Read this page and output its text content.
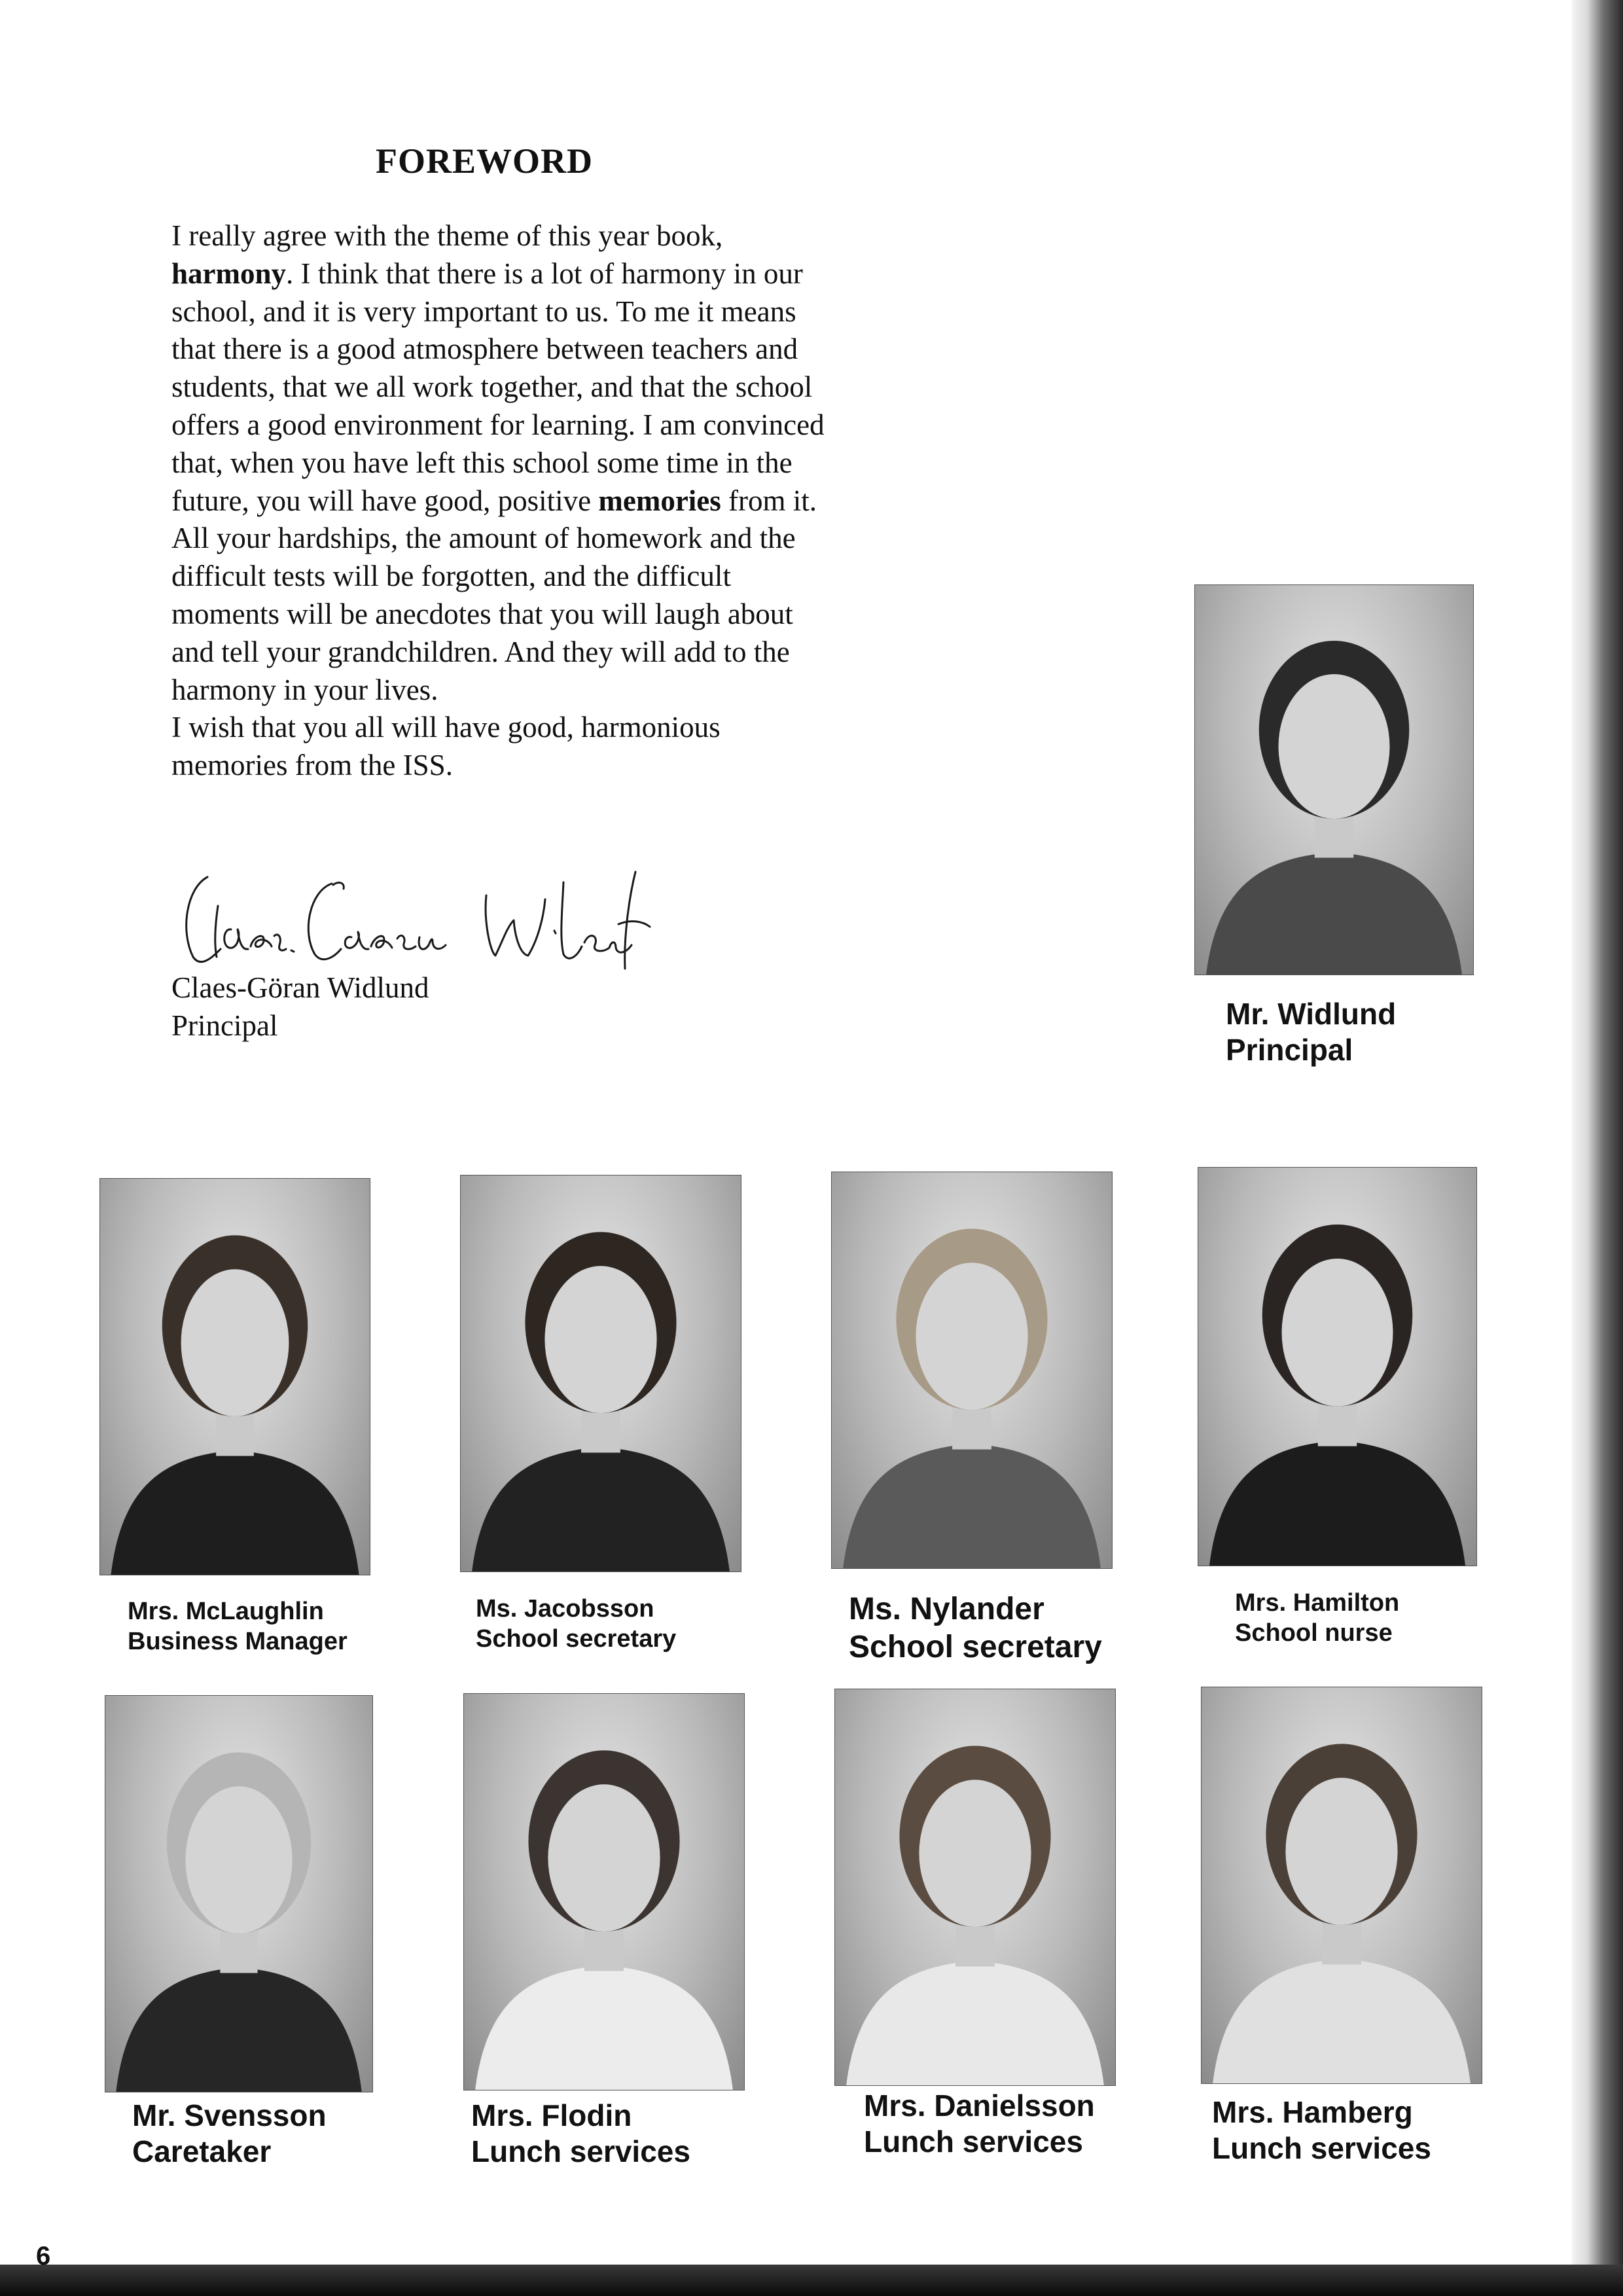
FOREWORD

I really agree with the theme of this year book, harmony. I think that there is a lot of harmony in our school, and it is very important to us. To me it means that there is a good atmosphere between teachers and students, that we all work together, and that the school offers a good environment for learning. I am convinced that, when you have left this school some time in the future, you will have good, positive memories from it. All your hardships, the amount of homework and the difficult tests will be forgotten, and the difficult moments will be anecdotes that you will laugh about and tell your grandchildren. And they will add to the harmony in your lives.

I wish that you all will have good, harmonious memories from the ISS.

Claes-Göran Widlund
Principal	Mr. Widlund
Principal
Mrs. McLaughlin
Business Manager
Ms. Jacobsson
School secretary
Ms. Nylander
School secretary
Mrs. Hamilton
School nurse
Mr. Svensson
Caretaker
Mrs. Flodin
Lunch services
Mrs. Danielsson
Lunch services
Mrs. Hamberg
Lunch services
6
